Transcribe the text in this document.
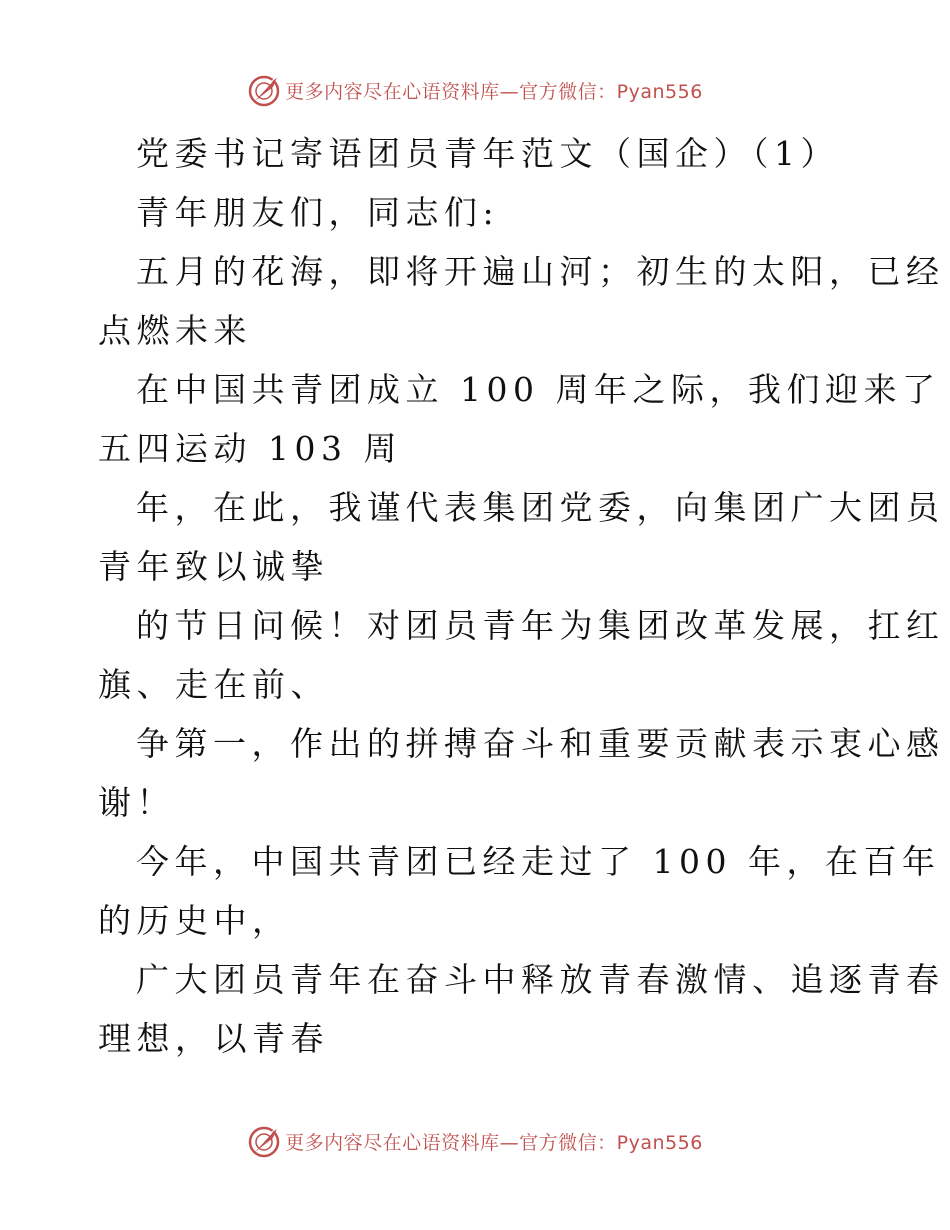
更多内容尽在心语资料库—官方微信：Pyan556
党委书记寄语团员青年范文（国企）（1）
青年朋友们，同志们:
五月的花海，即将开遍山河；初生的太阳，已经
点燃未来
在中国共青团成立 100 周年之际，我们迎来了
五四运动 103 周
年，在此，我谨代表集团党委，向集团广大团员
青年致以诚挚
的节日问候！对团员青年为集团改革发展，扛红
旗、走在前、
争第一，作出的拼搏奋斗和重要贡献表示衷心感
谢！
今年，中国共青团已经走过了 100 年，在百年
的历史中，
广大团员青年在奋斗中释放青春激情、追逐青春
理想，以青春
更多内容尽在心语资料库—官方微信：Pyan556
